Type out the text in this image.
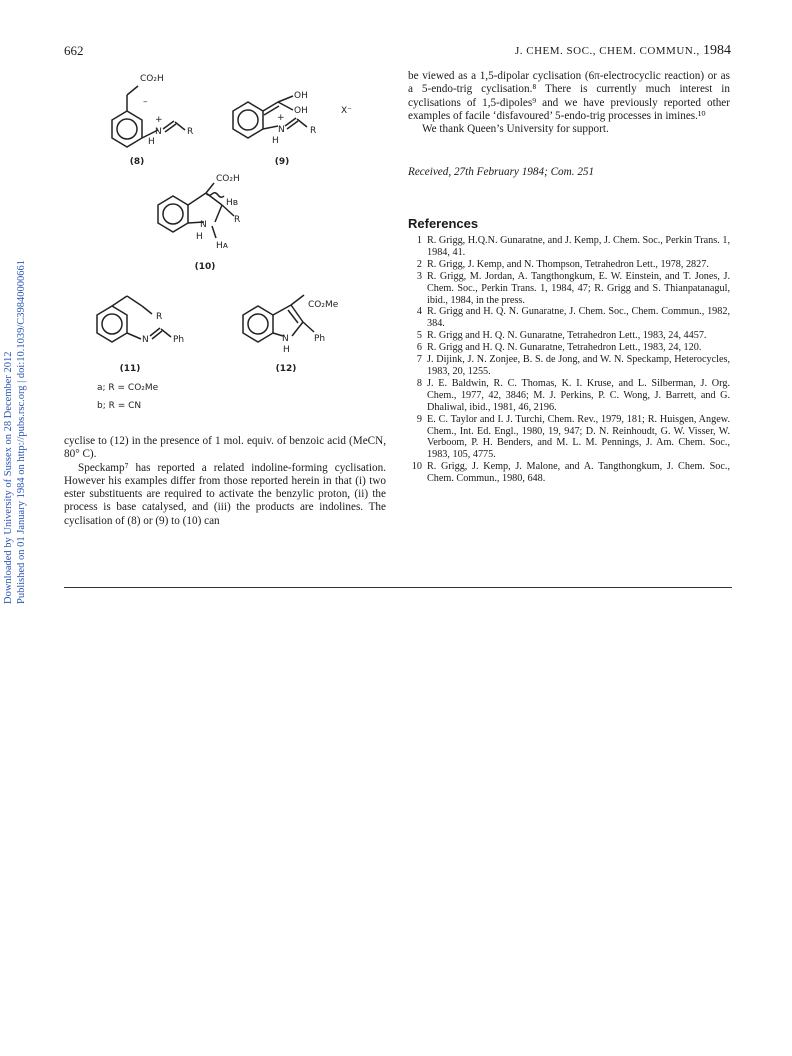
662	J. CHEM. SOC., CHEM. COMMUN., 1984
Downloaded by University of Sussex on 28 December 2012 Published on 01 January 1984 on http://pubs.rsc.org | doi:10.1039/C39840000661
CO₂H
–
+
N
H
R
(8)
OH
OH	X⁻
+
N
H
R
(9)
CO₂H
Hʙ
R
N
H
Hᴀ
(10)
R
N	Ph
(11)
CO₂Me
Ph
N
H
(12)
a; R = CO₂Me
b; R = CN

cyclise to (12) in the presence of 1 mol. equiv. of benzoic acid (MeCN, 80° C).

Speckamp⁷ has reported a related indoline-forming cyclisation. However his examples differ from those reported herein in that (i) two ester substituents are required to activate the benzylic proton, (ii) the process is base catalysed, and (iii) the products are indolines. The cyclisation of (8) or (9) to (10) can

be viewed as a 1,5-dipolar cyclisation (6π-electrocyclic reaction) or as a 5-endo-trig cyclisation.⁸ There is currently much interest in cyclisations of 1,5-dipoles⁹ and we have previously reported other examples of facile ‘disfavoured’ 5-endo-trig processes in imines.¹⁰

We thank Queen’s University for support.

Received, 27th February 1984; Com. 251
References
1 R. Grigg, H.Q.N. Gunaratne, and J. Kemp, J. Chem. Soc., Perkin Trans. 1, 1984, 41.
2 R. Grigg, J. Kemp, and N. Thompson, Tetrahedron Lett., 1978, 2827.
3 R. Grigg, M. Jordan, A. Tangthongkum, E. W. Einstein, and T. Jones, J. Chem. Soc., Perkin Trans. 1, 1984, 47; R. Grigg and S. Thianpatanagul, ibid., 1984, in the press.
4 R. Grigg and H. Q. N. Gunaratne, J. Chem. Soc., Chem. Commun., 1982, 384.
5 R. Grigg and H. Q. N. Gunaratne, Tetrahedron Lett., 1983, 24, 4457.
6 R. Grigg and H. Q. N. Gunaratne, Tetrahedron Lett., 1983, 24, 120.
7 J. Dijink, J. N. Zonjee, B. S. de Jong, and W. N. Speckamp, Heterocycles, 1983, 20, 1255.
8 J. E. Baldwin, R. C. Thomas, K. I. Kruse, and L. Silberman, J. Org. Chem., 1977, 42, 3846; M. J. Perkins, P. C. Wong, J. Barrett, and G. Dhaliwal, ibid., 1981, 46, 2196.
9 E. C. Taylor and I. J. Turchi, Chem. Rev., 1979, 181; R. Huisgen, Angew. Chem., Int. Ed. Engl., 1980, 19, 947; D. N. Reinhoudt, G. W. Visser, W. Verboom, P. H. Benders, and M. L. M. Pennings, J. Am. Chem. Soc., 1983, 105, 4775.
10 R. Grigg, J. Kemp, J. Malone, and A. Tangthongkum, J. Chem. Soc., Chem. Commun., 1980, 648.
